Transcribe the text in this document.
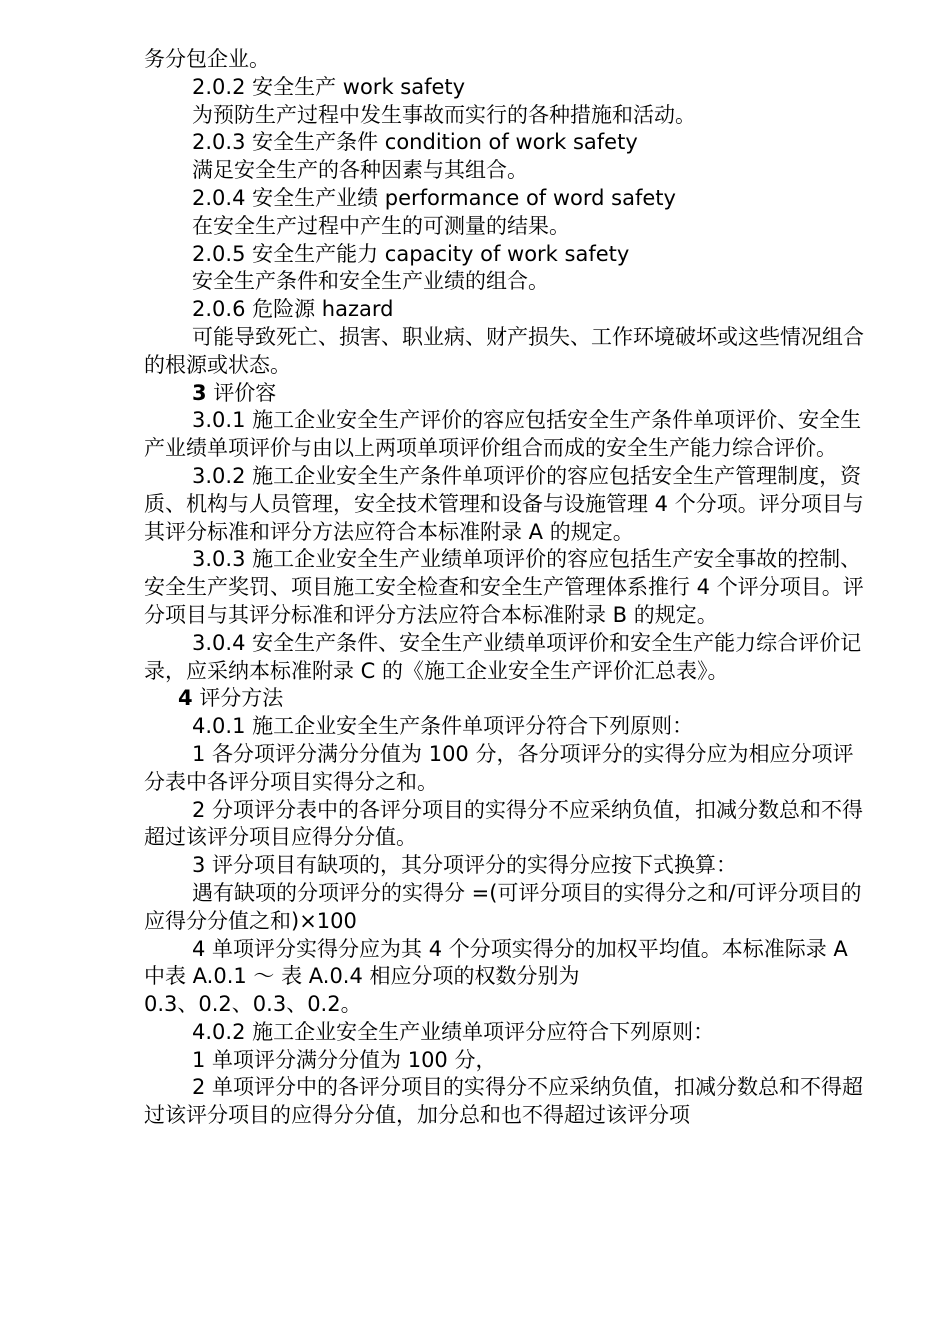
务分包企业。

2.0.2 安全生产 work safety

为预防生产过程中发生事故而实行的各种措施和活动。

2.0.3 安全生产条件 condition of work safety

满足安全生产的各种因素与其组合。

2.0.4 安全生产业绩 performance of word safety

在安全生产过程中产生的可测量的结果。

2.0.5 安全生产能力 capacity of work safety

安全生产条件和安全生产业绩的组合。

2.0.6 危险源 hazard

可能导致死亡、损害、职业病、财产损失、工作环境破坏或这些情况组合的根源或状态。

3 评价容

3.0.1 施工企业安全生产评价的容应包括安全生产条件单项评价、安全生产业绩单项评价与由以上两项单项评价组合而成的安全生产能力综合评价。

3.0.2 施工企业安全生产条件单项评价的容应包括安全生产管理制度，资质、机构与人员管理，安全技术管理和设备与设施管理 4 个分项。评分项目与其评分标准和评分方法应符合本标准附录 A 的规定。

3.0.3 施工企业安全生产业绩单项评价的容应包括生产安全事故的控制、安全生产奖罚、项目施工安全检查和安全生产管理体系推行 4 个评分项目。评分项目与其评分标准和评分方法应符合本标准附录 B 的规定。

3.0.4 安全生产条件、安全生产业绩单项评价和安全生产能力综合评价记录，应采纳本标准附录 C 的《施工企业安全生产评价汇总表》。

4 评分方法

4.0.1 施工企业安全生产条件单项评分符合下列原则：

1 各分项评分满分分值为 100 分，各分项评分的实得分应为相应分项评分表中各评分项目实得分之和。

2 分项评分表中的各评分项目的实得分不应采纳负值，扣减分数总和不得超过该评分项目应得分分值。

3 评分项目有缺项的，其分项评分的实得分应按下式换算：

遇有缺项的分项评分的实得分 =(可评分项目的实得分之和/可评分项目的应得分分值之和)×100

4 单项评分实得分应为其 4 个分项实得分的加权平均值。本标准际录 A 中表 A.0.1 ～ 表 A.0.4 相应分项的权数分别为

0.3、0.2、0.3、0.2。

4.0.2 施工企业安全生产业绩单项评分应符合下列原则：

1 单项评分满分分值为 100 分，

2 单项评分中的各评分项目的实得分不应采纳负值，扣减分数总和不得超过该评分项目的应得分分值，加分总和也不得超过该评分项
